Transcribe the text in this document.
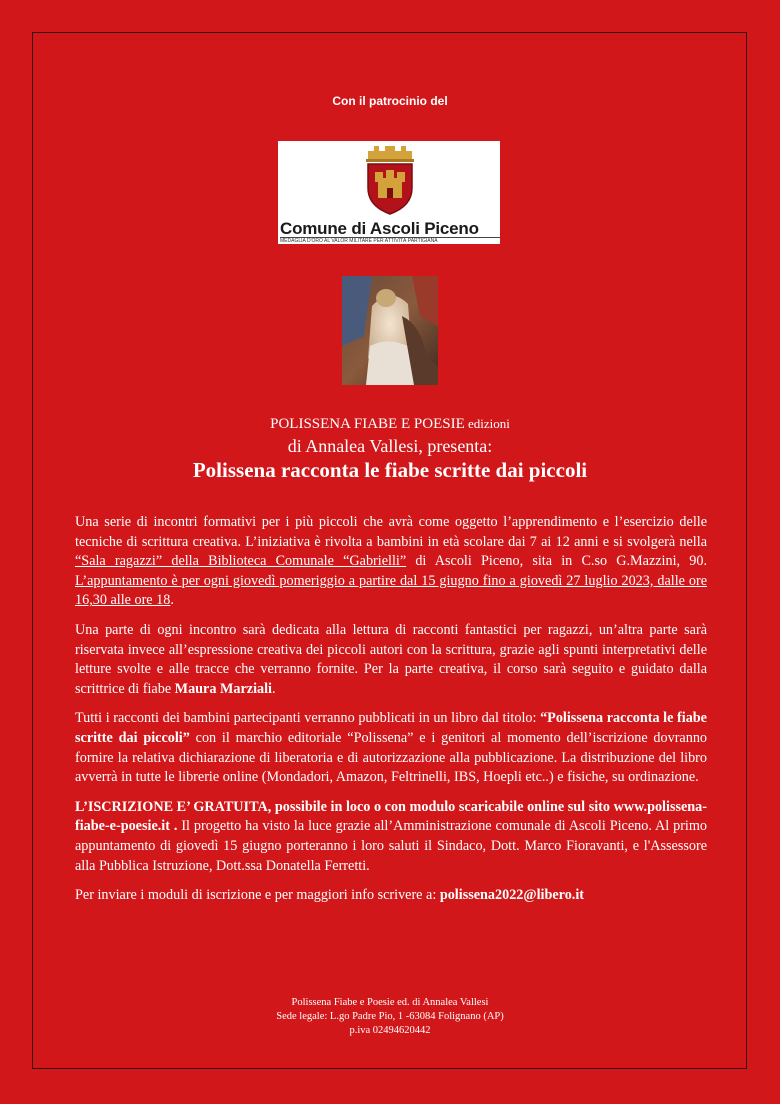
Con il patrocinio del
Comune di Ascoli Piceno
MEDAGLIA D'ORO AL VALOR MILITARE PER ATTIVITÀ PARTIGIANA
POLISSENA FIABE E POESIE edizioni
di Annalea Vallesi, presenta:
Polissena racconta le fiabe scritte dai piccoli

Una serie di incontri formativi per i più piccoli che avrà come oggetto l’apprendimento e l’esercizio delle tecniche di scrittura creativa. L’iniziativa è rivolta a bambini in età scolare dai 7 ai 12 anni e si svolgerà nella “Sala ragazzi” della Biblioteca Comunale “Gabrielli” di Ascoli Piceno, sita in C.so G.Mazzini, 90. L’appuntamento è per ogni giovedì pomeriggio a partire dal 15 giugno fino a giovedì 27 luglio 2023, dalle ore 16,30 alle ore 18.

Una parte di ogni incontro sarà dedicata alla lettura di racconti fantastici per ragazzi, un’altra parte sarà riservata invece all’espressione creativa dei piccoli autori con la scrittura, grazie agli spunti interpretativi delle letture svolte e alle tracce che verranno fornite. Per la parte creativa, il corso sarà seguito e guidato dalla scrittrice di fiabe Maura Marziali.

Tutti i racconti dei bambini partecipanti verranno pubblicati in un libro dal titolo: “Polissena racconta le fiabe scritte dai piccoli” con il marchio editoriale “Polissena” e i genitori al momento dell’iscrizione dovranno fornire la relativa dichiarazione di liberatoria e di autorizzazione alla pubblicazione. La distribuzione del libro avverrà in tutte le librerie online (Mondadori, Amazon, Feltrinelli, IBS, Hoepli etc..) e fisiche, su ordinazione.

L’ISCRIZIONE E’ GRATUITA, possibile in loco o con modulo scaricabile online sul sito www.polissena-fiabe-e-poesie.it . Il progetto ha visto la luce grazie all’Amministrazione comunale di Ascoli Piceno. Al primo appuntamento di giovedì 15 giugno porteranno i loro saluti il Sindaco, Dott. Marco Fioravanti, e l'Assessore alla Pubblica Istruzione, Dott.ssa Donatella Ferretti.

Per inviare i moduli di iscrizione e per maggiori info scrivere a: polissena2022@libero.it

Polissena Fiabe e Poesie ed. di Annalea Vallesi
Sede legale: L.go Padre Pio, 1 -63084 Folignano (AP)
p.iva 02494620442
